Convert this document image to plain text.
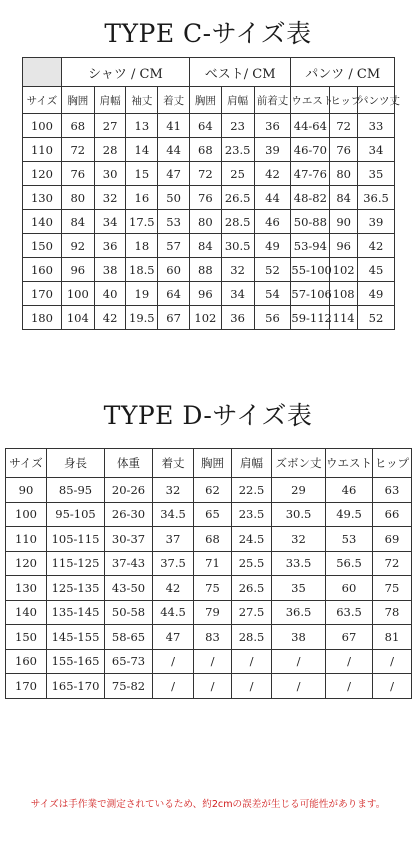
TYPE C-サイズ表
	シャツ / CM				ベスト/ CM			パンツ / CM		
サイズ	胸囲	肩幅	袖丈	着丈	胸囲	肩幅	前着丈	ウエスト	ヒップ	パンツ丈
100	68	27	13	41	64	23	36	44-64	72	33
110	72	28	14	44	68	23.5	39	46-70	76	34
120	76	30	15	47	72	25	42	47-76	80	35
130	80	32	16	50	76	26.5	44	48-82	84	36.5
140	84	34	17.5	53	80	28.5	46	50-88	90	39
150	92	36	18	57	84	30.5	49	53-94	96	42
160	96	38	18.5	60	88	32	52	55-100	102	45
170	100	40	19	64	96	34	54	57-106	108	49
180	104	42	19.5	67	102	36	56	59-112	114	52
TYPE D-サイズ表
サイズ	身長	体重	着丈	胸囲	肩幅	ズボン丈	ウエスト	ヒップ
90	85-95	20-26	32	62	22.5	29	46	63
100	95-105	26-30	34.5	65	23.5	30.5	49.5	66
110	105-115	30-37	37	68	24.5	32	53	69
120	115-125	37-43	37.5	71	25.5	33.5	56.5	72
130	125-135	43-50	42	75	26.5	35	60	75
140	135-145	50-58	44.5	79	27.5	36.5	63.5	78
150	145-155	58-65	47	83	28.5	38	67	81
160	155-165	65-73	/	/	/	/	/	/
170	165-170	75-82	/	/	/	/	/	/
サイズは手作業で測定されているため、約2cmの誤差が生じる可能性があります。
